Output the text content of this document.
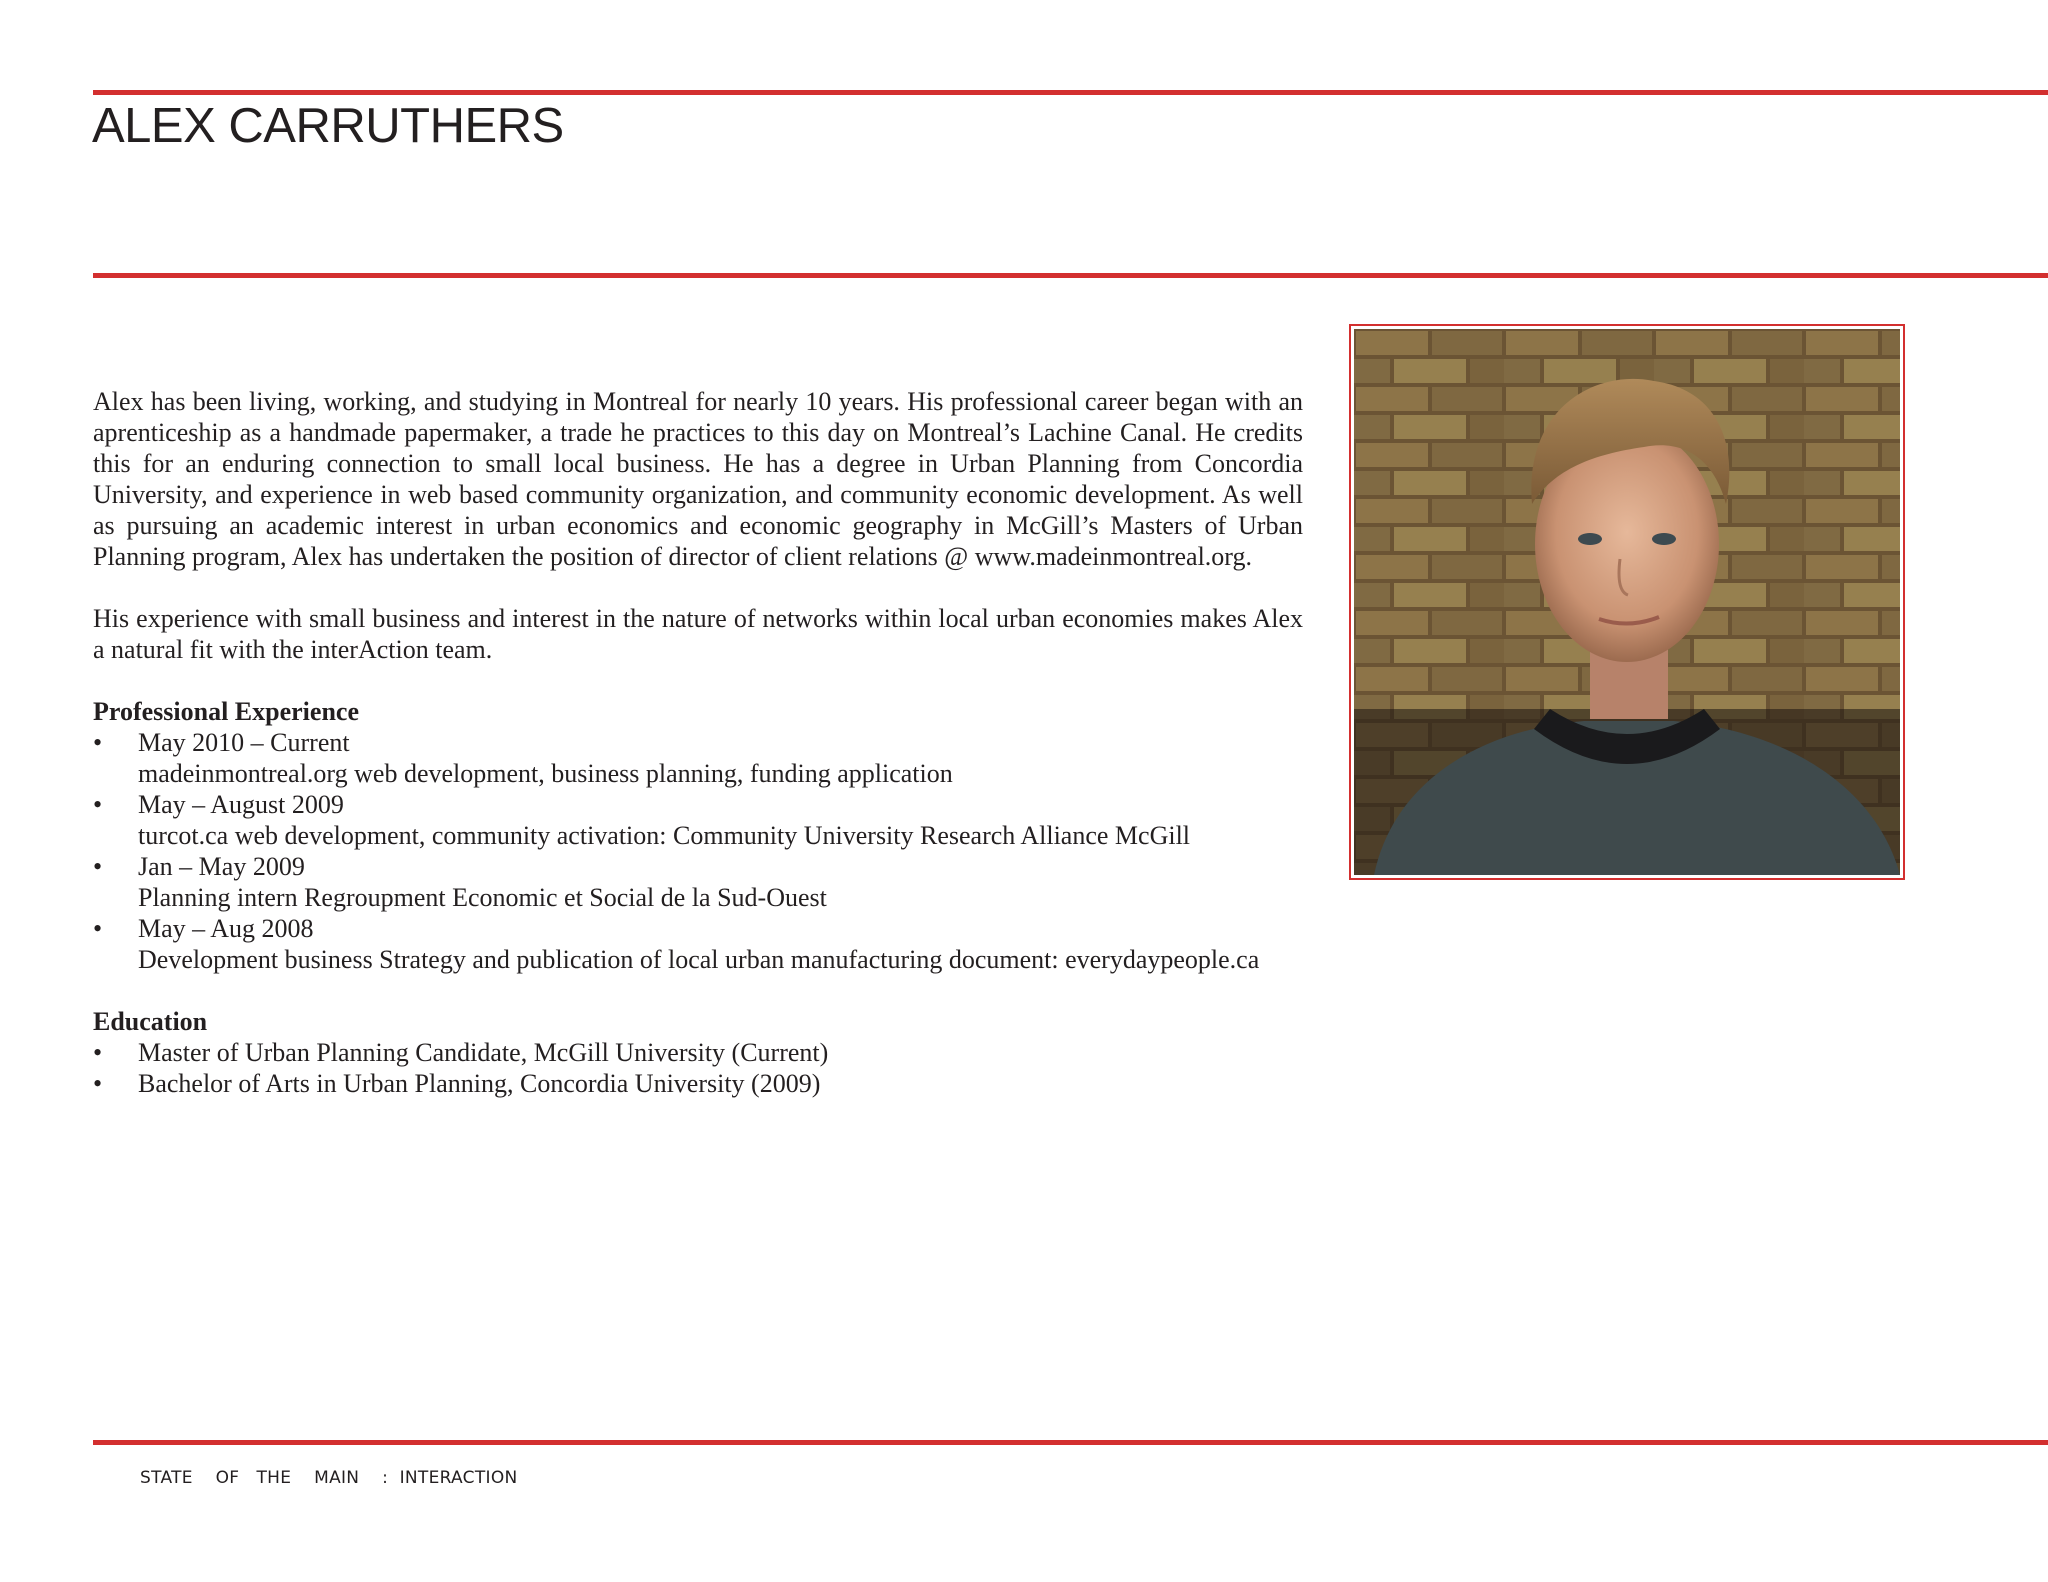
ALEX CARRUTHERS

Alex has been living, working, and studying in Montreal for nearly 10 years. His professional career began with an aprenticeship as a handmade papermaker, a trade he practices to this day on Montreal’s Lachine Canal. He credits this for an enduring connection to small local business. He has a degree in Urban Planning from Concordia University, and experience in web based community organization, and community economic development. As well as pursuing an academic interest in urban economics and economic geography in McGill’s Masters of Urban Planning program, Alex has undertaken the position of director of client relations @ www.madeinmontreal.org.

His experience with small business and interest in the nature of networks within local urban economies makes Alex a natural fit with the interAction team.

Professional Experience
• May 2010 – Current
madeinmontreal.org web development, business planning, funding application
• May – August 2009
turcot.ca web development, community activation: Community University Research Alliance McGill
• Jan – May 2009
Planning intern Regroupment Economic et Social de la Sud-Ouest
• May – Aug 2008
Development business Strategy and publication of local urban manufacturing document: everydaypeople.ca
Education
• Master of Urban Planning Candidate, McGill University (Current)
• Bachelor of Arts in Urban Planning, Concordia University (2009)
STATE    OF   THE    MAIN    :  INTERACTION
